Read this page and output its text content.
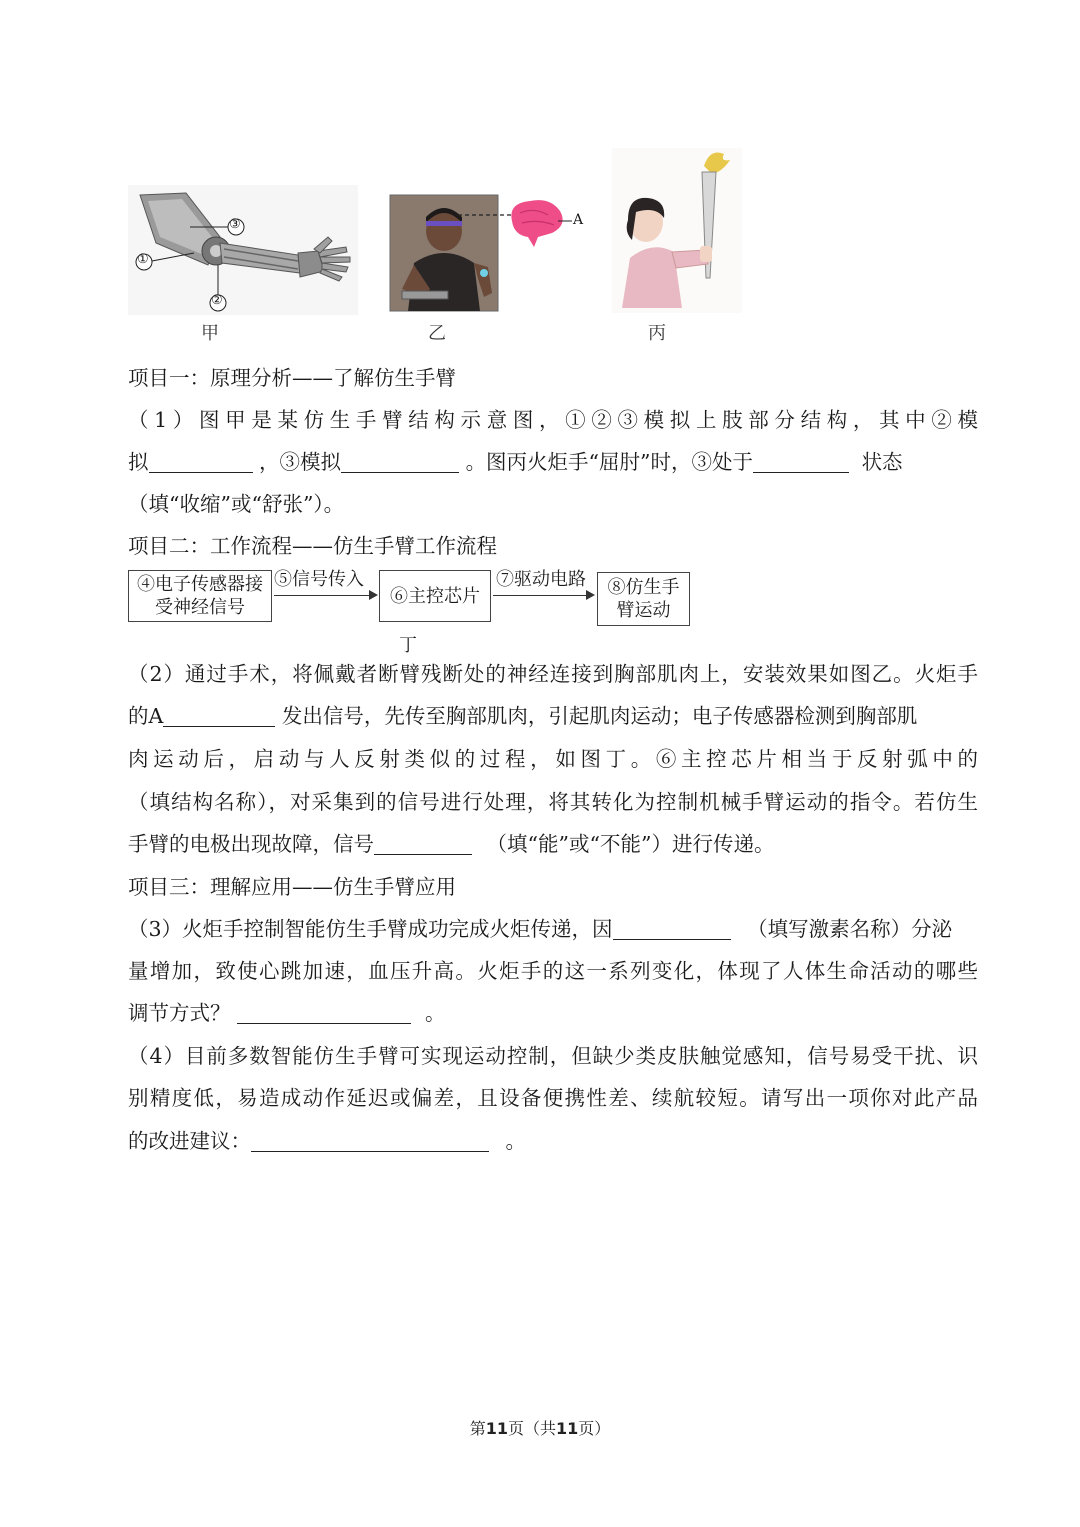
③
①
②
甲
A
乙	丙
项目一：原理分析——了解仿生手臂
（1）图甲是某仿生手臂结构示意图，①②③模拟上肢部分结构，其中②模
拟	，③模拟	。图丙火炬手“屈肘”时，③处于	状态
（填“收缩”或“舒张”）。
项目二：工作流程——仿生手臂工作流程
④电子传感器接受神经信号
⑤信号传入
⑥主控芯片
⑦驱动电路	⑧仿生手臂运动
丁
（2）通过手术，将佩戴者断臂残断处的神经连接到胸部肌肉上，安装效果如图乙。火炬手
的A	发出信号，先传至胸部肌肉，引起肌肉运动；电子传感器检测到胸部肌
肉运动后，启动与人反射类似的过程，如图丁。⑥主控芯片相当于反射弧中的
（填结构名称），对采集到的信号进行处理，将其转化为控制机械手臂运动的指令。若仿生
手臂的电极出现故障，信号	（填“能”或“不能”）进行传递。
项目三：理解应用——仿生手臂应用
（3）火炬手控制智能仿生手臂成功完成火炬传递，因	（填写激素名称）分泌
量增加，致使心跳加速，血压升高。火炬手的这一系列变化，体现了人体生命活动的哪些
调节方式？	。
（4）目前多数智能仿生手臂可实现运动控制，但缺少类皮肤触觉感知，信号易受干扰、识
别精度低，易造成动作延迟或偏差，且设备便携性差、续航较短。请写出一项你对此产品
的改进建议：	。
第11页（共11页）
